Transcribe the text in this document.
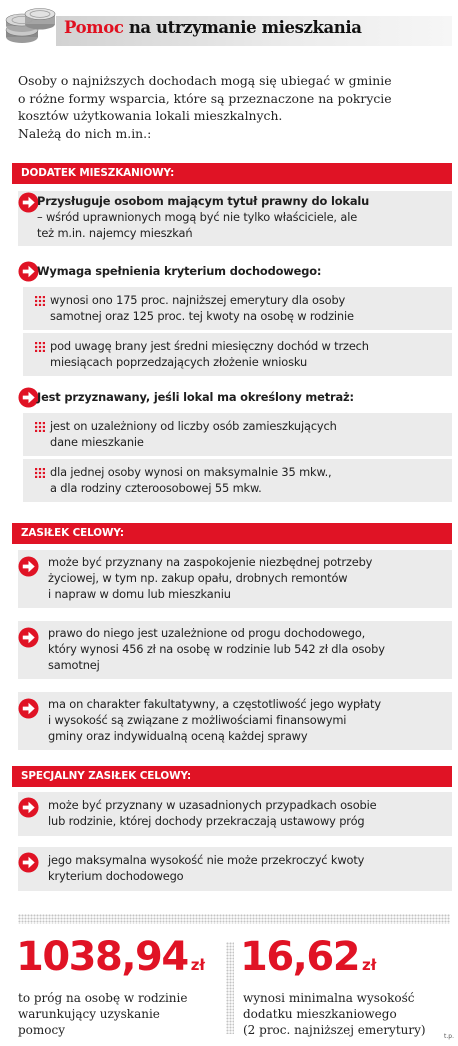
Pomoc na utrzymanie mieszkania
Osoby o najniższych dochodach mogą się ubiegać w gminie
o różne formy wsparcia, które są przeznaczone na pokrycie
kosztów użytkowania lokali mieszkalnych.
Należą do nich m.in.:
DODATEK MIESZKANIOWY:
Przysługuje osobom mającym tytuł prawny do lokalu
– wśród uprawnionych mogą być nie tylko właściciele, ale
też m.in. najemcy mieszkań
Wymaga spełnienia kryterium dochodowego:
wynosi ono 175 proc. najniższej emerytury dla osoby
samotnej oraz 125 proc. tej kwoty na osobę w rodzinie
pod uwagę brany jest średni miesięczny dochód w trzech
miesiącach poprzedzających złożenie wniosku
Jest przyznawany, jeśli lokal ma określony metraż:
jest on uzależniony od liczby osób zamieszkujących
dane mieszkanie
dla jednej osoby wynosi on maksymalnie 35 mkw.,
a dla rodziny czteroosobowej 55 mkw.
ZASIŁEK CELOWY:
może być przyznany na zaspokojenie niezbędnej potrzeby
życiowej, w tym np. zakup opału, drobnych remontów
i napraw w domu lub mieszkaniu
prawo do niego jest uzależnione od progu dochodowego,
który wynosi 456 zł na osobę w rodzinie lub 542 zł dla osoby
samotnej
ma on charakter fakultatywny, a częstotliwość jego wypłaty
i wysokość są związane z możliwościami finansowymi
gminy oraz indywidualną oceną każdej sprawy
SPECJALNY ZASIŁEK CELOWY:
może być przyznany w uzasadnionych przypadkach osobie
lub rodzinie, której dochody przekraczają ustawowy próg
jego maksymalna wysokość nie może przekroczyć kwoty
kryterium dochodowego
1038,94 zł
to próg na osobę w rodzinie
warunkujący uzyskanie
pomocy
16,62 zł
wynosi minimalna wysokość
dodatku mieszkaniowego
(2 proc. najniższej emerytury)	t.p.
